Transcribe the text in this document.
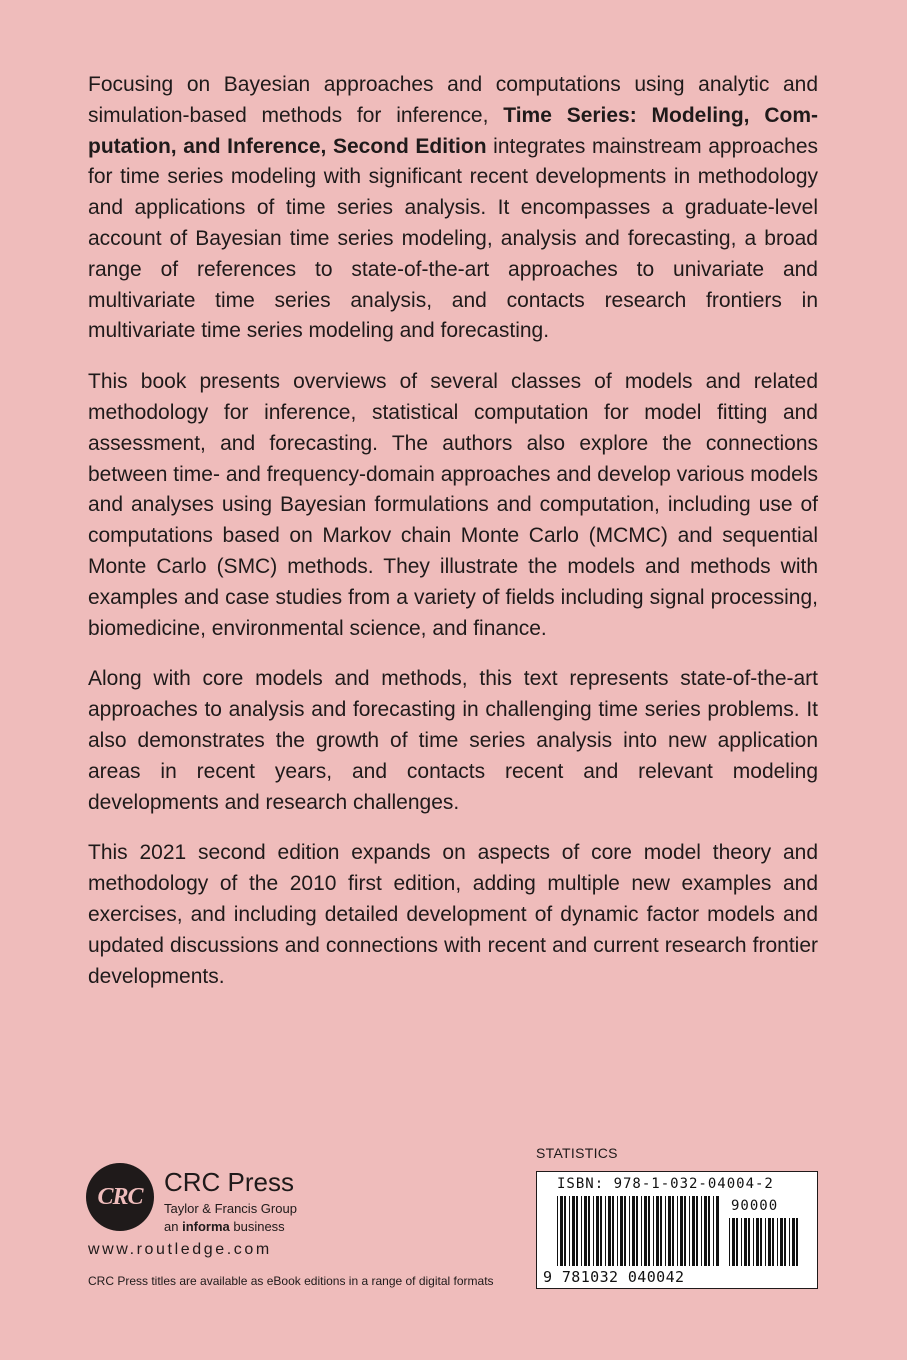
Focusing on Bayesian approaches and computations using analytic and simulation-based methods for inference, Time Series: Modeling, Computation, and Inference, Second Edition integrates mainstream approaches for time series modeling with significant recent developments in methodology and applications of time series analysis. It encompasses a graduate-level account of Bayesian time series modeling, analysis and forecasting, a broad range of references to state-of-the-art approaches to univariate and multivariate time series analysis, and contacts research frontiers in multivariate time series modeling and forecasting.

This book presents overviews of several classes of models and related methodology for inference, statistical computation for model fitting and assessment, and forecasting. The authors also explore the connections between time- and frequency-domain approaches and develop various models and analyses using Bayesian formulations and computation, including use of computations based on Markov chain Monte Carlo (MCMC) and sequential Monte Carlo (SMC) methods. They illustrate the models and methods with examples and case studies from a variety of fields including signal processing, biomedicine, environmental science, and finance.

Along with core models and methods, this text represents state-of-the-art approaches to analysis and forecasting in challenging time series problems. It also demonstrates the growth of time series analysis into new application areas in recent years, and contacts recent and relevant modeling developments and research challenges.

This 2021 second edition expands on aspects of core model theory and methodology of the 2010 first edition, adding multiple new examples and exercises, and including detailed development of dynamic factor models and updated discussions and connections with recent and current research frontier developments.

CRC CRC Press
Taylor & Francis Group
an informa business
www.routledge.com
CRC Press titles are available as eBook editions in a range of digital formats
STATISTICS
ISBN: 978-1-032-04004-2
90000
9 781032 040042
